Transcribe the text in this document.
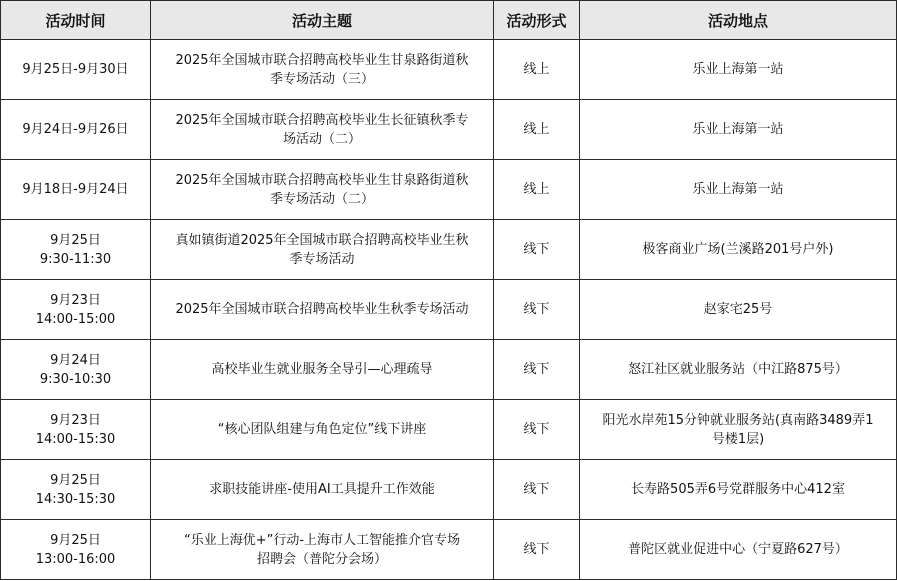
活动时间	活动主题	活动形式	活动地点

9月25日-9月30日	2025年全国城市联合招聘高校毕业生甘泉路街道秋
季专场活动（三）	线上	乐业上海第一站

9月24日-9月26日	2025年全国城市联合招聘高校毕业生长征镇秋季专
场活动（二）	线上	乐业上海第一站

9月18日-9月24日	2025年全国城市联合招聘高校毕业生甘泉路街道秋
季专场活动（二）	线上	乐业上海第一站

9月25日
9:30-11:30	真如镇街道2025年全国城市联合招聘高校毕业生秋
季专场活动	线下	极客商业广场(兰溪路201号户外)

9月23日
14:00-15:00	2025年全国城市联合招聘高校毕业生秋季专场活动	线下	赵家宅25号

9月24日
9:30-10:30	高校毕业生就业服务全导引—心理疏导	线下	怒江社区就业服务站（中江路875号）

9月23日
14:00-15:30	“核心团队组建与角色定位”线下讲座	线下	阳光水岸苑15分钟就业服务站(真南路3489弄1
号楼1层)

9月25日
14:30-15:30	求职技能讲座-使用AI工具提升工作效能	线下	长寿路505弄6号党群服务中心412室

9月25日
13:00-16:00	“乐业上海优+”行动-上海市人工智能推介官专场
招聘会（普陀分会场）	线下	普陀区就业促进中心（宁夏路627号）
